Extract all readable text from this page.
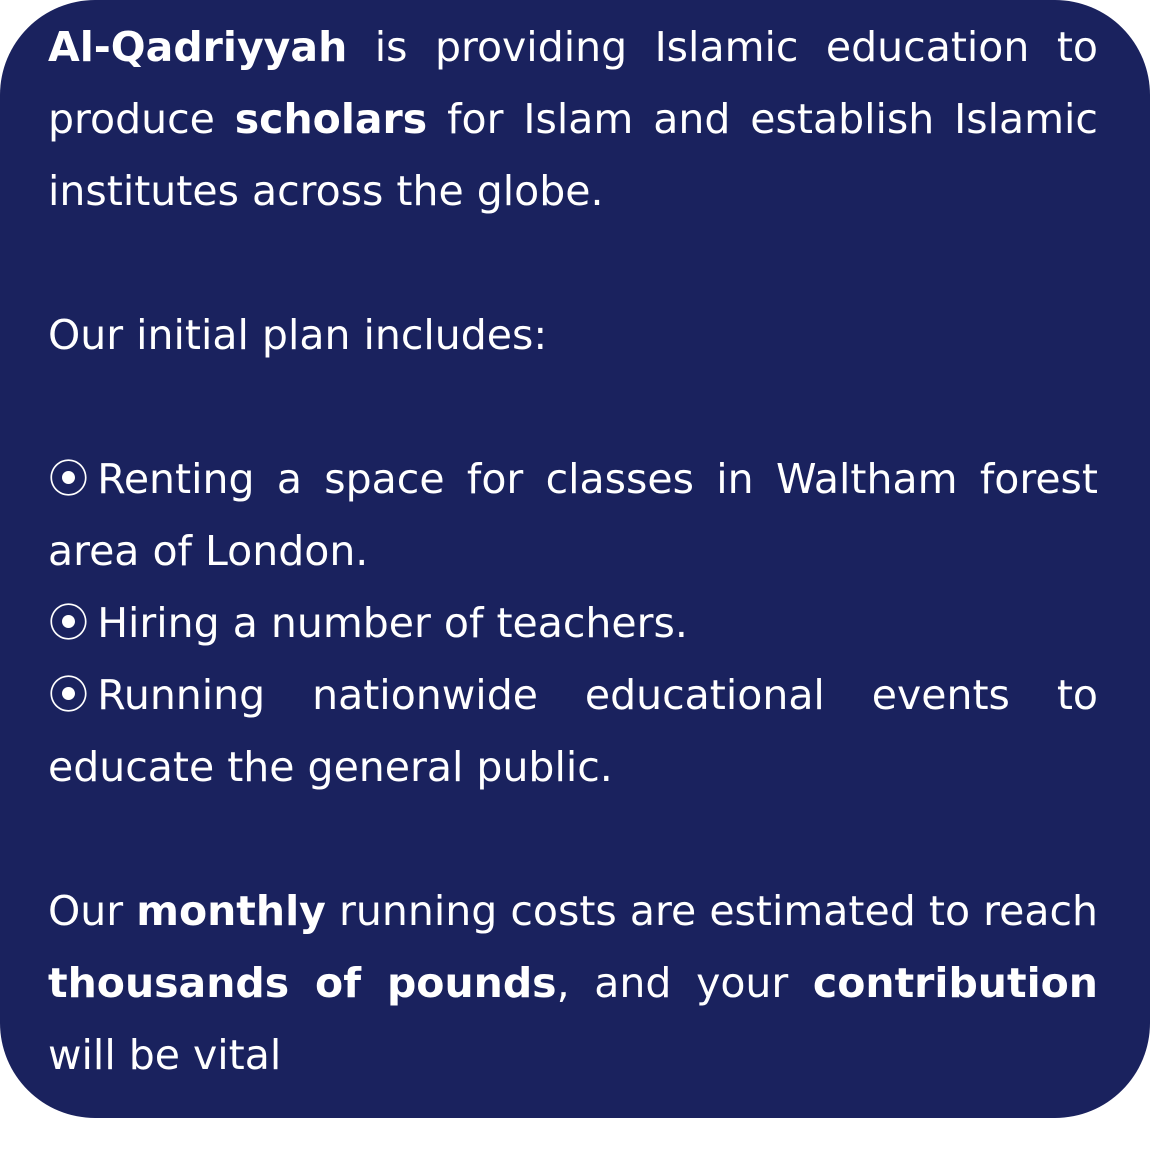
Al-Qadriyyah is providing Islamic education to produce scholars for Islam and establish Islamic institutes across the globe.

Our initial plan includes:

⦿ Renting a space for classes in Waltham forest area of London.

⦿ Hiring a number of teachers.

⦿ Running nationwide educational events to educate the general public.

Our monthly running costs are estimated to reach thousands of pounds, and your contribution will be vital
